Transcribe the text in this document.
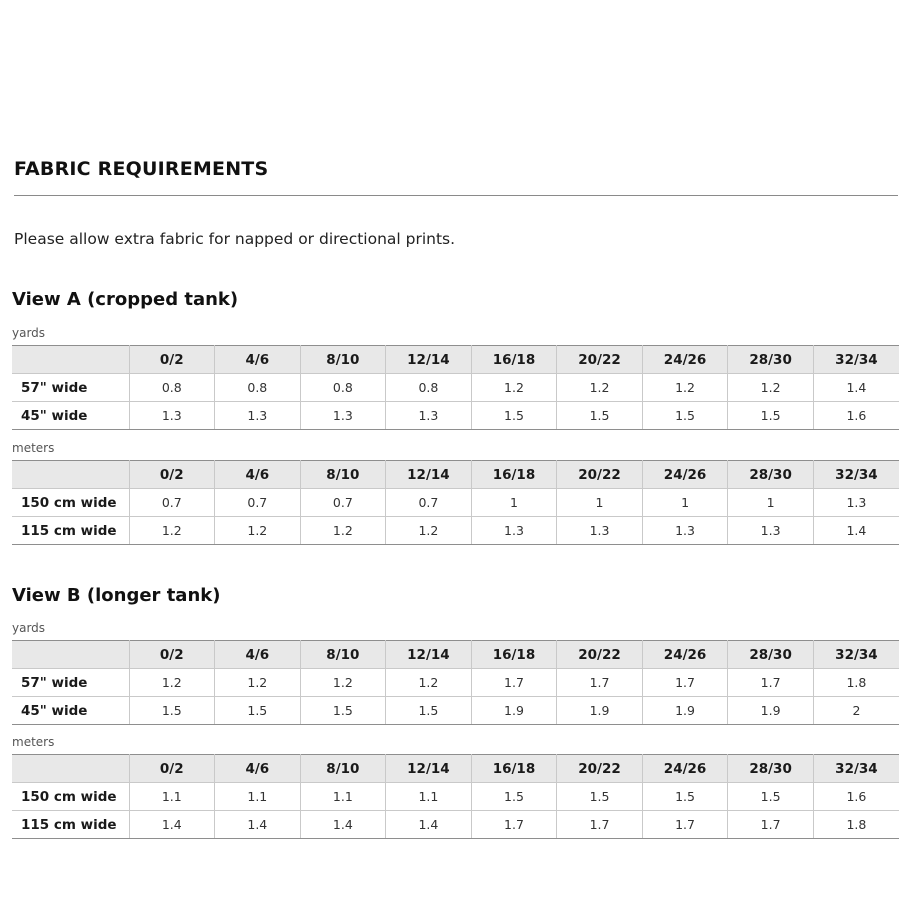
FABRIC REQUIREMENTS

Please allow extra fabric for napped or directional prints.

View A (cropped tank)
yards
	0/2	4/6	8/10	12/14	16/18	20/22	24/26	28/30	32/34
57" wide	0.8	0.8	0.8	0.8	1.2	1.2	1.2	1.2	1.4
45" wide	1.3	1.3	1.3	1.3	1.5	1.5	1.5	1.5	1.6
meters
	0/2	4/6	8/10	12/14	16/18	20/22	24/26	28/30	32/34
150 cm wide	0.7	0.7	0.7	0.7	1	1	1	1	1.3
115 cm wide	1.2	1.2	1.2	1.2	1.3	1.3	1.3	1.3	1.4
View B (longer tank)
yards
	0/2	4/6	8/10	12/14	16/18	20/22	24/26	28/30	32/34
57" wide	1.2	1.2	1.2	1.2	1.7	1.7	1.7	1.7	1.8
45" wide	1.5	1.5	1.5	1.5	1.9	1.9	1.9	1.9	2
meters
	0/2	4/6	8/10	12/14	16/18	20/22	24/26	28/30	32/34
150 cm wide	1.1	1.1	1.1	1.1	1.5	1.5	1.5	1.5	1.6
115 cm wide	1.4	1.4	1.4	1.4	1.7	1.7	1.7	1.7	1.8
